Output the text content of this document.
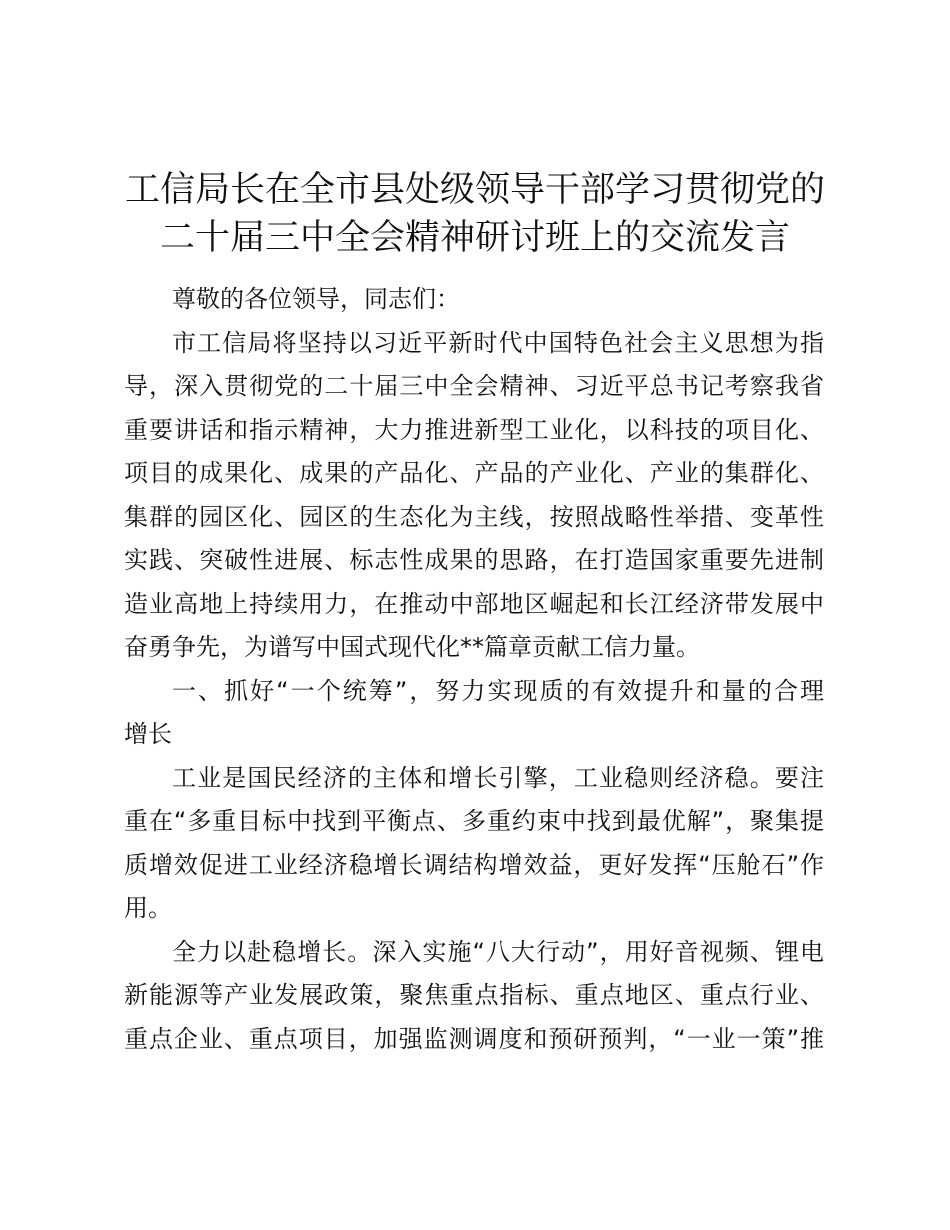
工信局长在全市县处级领导干部学习贯彻党的
二十届三中全会精神研讨班上的交流发言

尊敬的各位领导，同志们：

市工信局将坚持以习近平新时代中国特色社会主义思想为指
导，深入贯彻党的二十届三中全会精神、习近平总书记考察我省
重要讲话和指示精神，大力推进新型工业化，以科技的项目化、
项目的成果化、成果的产品化、产品的产业化、产业的集群化、
集群的园区化、园区的生态化为主线，按照战略性举措、变革性
实践、突破性进展、标志性成果的思路，在打造国家重要先进制
造业高地上持续用力，在推动中部地区崛起和长江经济带发展中
奋勇争先，为谱写中国式现代化**篇章贡献工信力量。

一、抓好“一个统筹”，努力实现质的有效提升和量的合理
增长

工业是国民经济的主体和增长引擎，工业稳则经济稳。要注
重在“多重目标中找到平衡点、多重约束中找到最优解”，聚集提
质增效促进工业经济稳增长调结构增效益，更好发挥“压舱石”作
用。

全力以赴稳增长。深入实施“八大行动”，用好音视频、锂电
新能源等产业发展政策，聚焦重点指标、重点地区、重点行业、
重点企业、重点项目，加强监测调度和预研预判，“一业一策”推
